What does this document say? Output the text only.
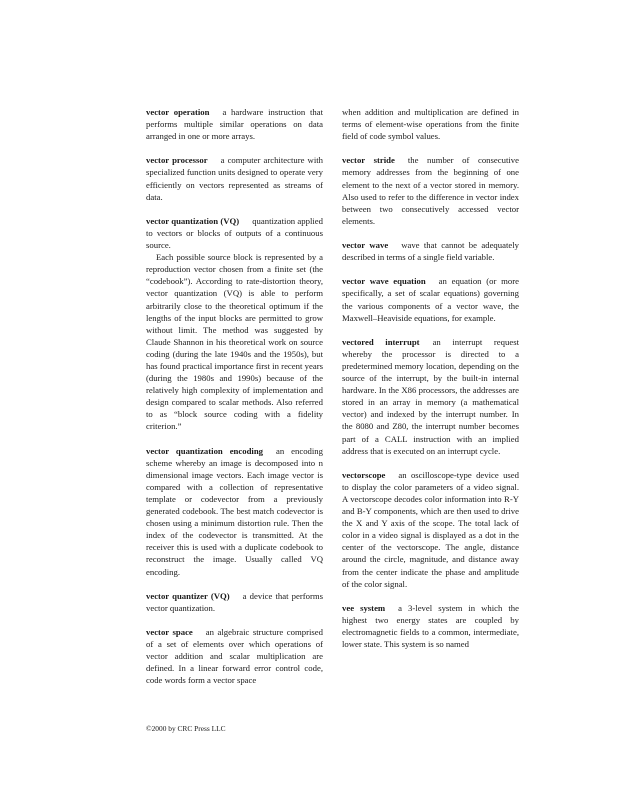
vector operation a hardware instruction that performs multiple similar operations on data arranged in one or more arrays.

vector processor a computer architecture with specialized function units designed to operate very efficiently on vectors represented as streams of data.

vector quantization (VQ) quantization applied to vectors or blocks of outputs of a continuous source.

Each possible source block is represented by a reproduction vector chosen from a finite set (the “codebook”). According to rate-distortion theory, vector quantization (VQ) is able to perform arbitrarily close to the theoretical optimum if the lengths of the input blocks are permitted to grow without limit. The method was suggested by Claude Shannon in his theoretical work on source coding (during the late 1940s and the 1950s), but has found practical importance first in recent years (during the 1980s and 1990s) because of the relatively high complexity of implementation and design compared to scalar methods. Also referred to as “block source coding with a fidelity criterion.”

vector quantization encoding an encoding scheme whereby an image is decomposed into n dimensional image vectors. Each image vector is compared with a collection of representative template or codevector from a previously generated codebook. The best match codevector is chosen using a minimum distortion rule. Then the index of the codevector is transmitted. At the receiver this is used with a duplicate codebook to reconstruct the image. Usually called VQ encoding.

vector quantizer (VQ) a device that performs vector quantization.

vector space an algebraic structure comprised of a set of elements over which operations of vector addition and scalar multiplication are defined. In a linear forward error control code, code words form a vector space

when addition and multiplication are defined in terms of element-wise operations from the finite field of code symbol values.

vector stride the number of consecutive memory addresses from the beginning of one element to the next of a vector stored in memory. Also used to refer to the difference in vector index between two consecutively accessed vector elements.

vector wave wave that cannot be adequately described in terms of a single field variable.

vector wave equation an equation (or more specifically, a set of scalar equations) governing the various components of a vector wave, the Maxwell–Heaviside equations, for example.

vectored interrupt an interrupt request whereby the processor is directed to a predetermined memory location, depending on the source of the interrupt, by the built-in internal hardware. In the X86 processors, the addresses are stored in an array in memory (a mathematical vector) and indexed by the interrupt number. In the 8080 and Z80, the interrupt number becomes part of a CALL instruction with an implied address that is executed on an interrupt cycle.

vectorscope an oscilloscope-type device used to display the color parameters of a video signal. A vectorscope decodes color information into R-Y and B-Y components, which are then used to drive the X and Y axis of the scope. The total lack of color in a video signal is displayed as a dot in the center of the vectorscope. The angle, distance around the circle, magnitude, and distance away from the center indicate the phase and amplitude of the color signal.

vee system a 3-level system in which the highest two energy states are coupled by electromagnetic fields to a common, intermediate, lower state. This system is so named

©2000 by CRC Press LLC
